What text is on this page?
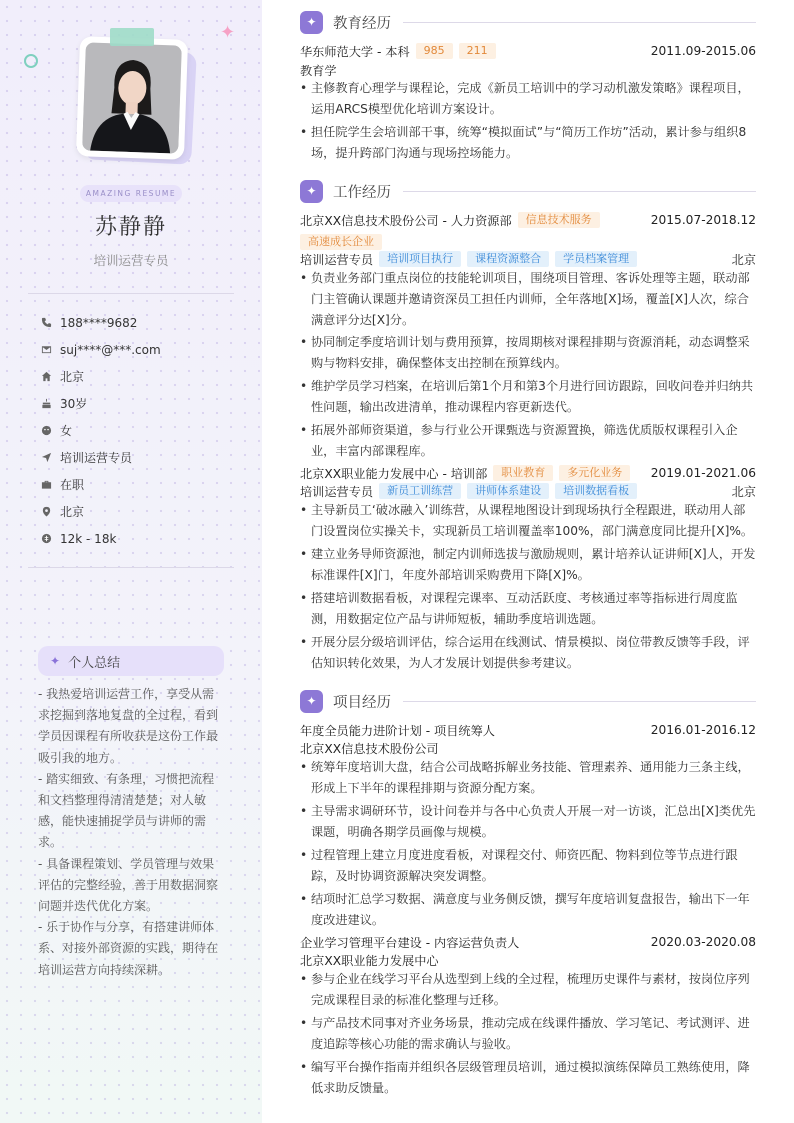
✦
AMAZING RESUME
苏静静
培训运营专员
188****9682
suj****@***.com
北京
30岁
女
培训运营专员
在职
北京
12k - 18k
✦ 个人总结

- 我热爱培训运营工作，享受从需求挖掘到落地复盘的全过程，看到学员因课程有所收获是这份工作最吸引我的地方。

- 踏实细致、有条理，习惯把流程和文档整理得清清楚楚；对人敏感，能快速捕捉学员与讲师的需求。

- 具备课程策划、学员管理与效果评估的完整经验，善于用数据洞察问题并迭代优化方案。

- 乐于协作与分享，有搭建讲师体系、对接外部资源的实践，期待在培训运营方向持续深耕。

✦	教育经历
华东师范大学 - 本科	985	211	2011.09-2015.06
教育学
• 主修教育心理学与课程论，完成《新员工培训中的学习动机激发策略》课程项目，运用ARCS模型优化培训方案设计。
• 担任院学生会培训部干事，统筹“模拟面试”与“简历工作坊”活动，累计参与组织8场，提升跨部门沟通与现场控场能力。
✦	工作经历
北京XX信息技术股份公司 - 人力资源部	信息技术服务	2015.07-2018.12
高速成长企业
培训运营专员	培训项目执行	课程资源整合	学员档案管理	北京
• 负责业务部门重点岗位的技能轮训项目，围绕项目管理、客诉处理等主题，联动部门主管确认课题并邀请资深员工担任内训师，全年落地[X]场，覆盖[X]人次，综合满意评分达[X]分。
• 协同制定季度培训计划与费用预算，按周期核对课程排期与资源消耗，动态调整采购与物料安排，确保整体支出控制在预算线内。
• 维护学员学习档案，在培训后第1个月和第3个月进行回访跟踪，回收问卷并归纳共性问题，输出改进清单，推动课程内容更新迭代。
• 拓展外部师资渠道，参与行业公开课甄选与资源置换，筛选优质版权课程引入企业，丰富内部课程库。
北京XX职业能力发展中心 - 培训部	职业教育	多元化业务	2019.01-2021.06
培训运营专员	新员工训练营	讲师体系建设	培训数据看板	北京
• 主导新员工‘破冰融入’训练营，从课程地图设计到现场执行全程跟进，联动用人部门设置岗位实操关卡，实现新员工培训覆盖率100%，部门满意度同比提升[X]%。
• 建立业务导师资源池，制定内训师选拔与激励规则，累计培养认证讲师[X]人，开发标准课件[X]门，年度外部培训采购费用下降[X]%。
• 搭建培训数据看板，对课程完课率、互动活跃度、考核通过率等指标进行周度监测，用数据定位产品与讲师短板，辅助季度培训选题。
• 开展分层分级培训评估，综合运用在线测试、情景模拟、岗位带教反馈等手段，评估知识转化效果，为人才发展计划提供参考建议。
✦	项目经历
年度全员能力进阶计划 - 项目统筹人	2016.01-2016.12
北京XX信息技术股份公司
• 统筹年度培训大盘，结合公司战略拆解业务技能、管理素养、通用能力三条主线，形成上下半年的课程排期与资源分配方案。
• 主导需求调研环节，设计问卷并与各中心负责人开展一对一访谈，汇总出[X]类优先课题，明确各期学员画像与规模。
• 过程管理上建立月度进度看板，对课程交付、师资匹配、物料到位等节点进行跟踪，及时协调资源解决突发调整。
• 结项时汇总学习数据、满意度与业务侧反馈，撰写年度培训复盘报告，输出下一年度改进建议。
企业学习管理平台建设 - 内容运营负责人	2020.03-2020.08
北京XX职业能力发展中心
• 参与企业在线学习平台从选型到上线的全过程，梳理历史课件与素材，按岗位序列完成课程目录的标准化整理与迁移。
• 与产品技术同事对齐业务场景，推动完成在线课件播放、学习笔记、考试测评、进度追踪等核心功能的需求确认与验收。
• 编写平台操作指南并组织各层级管理员培训，通过模拟演练保障员工熟练使用，降低求助反馈量。
